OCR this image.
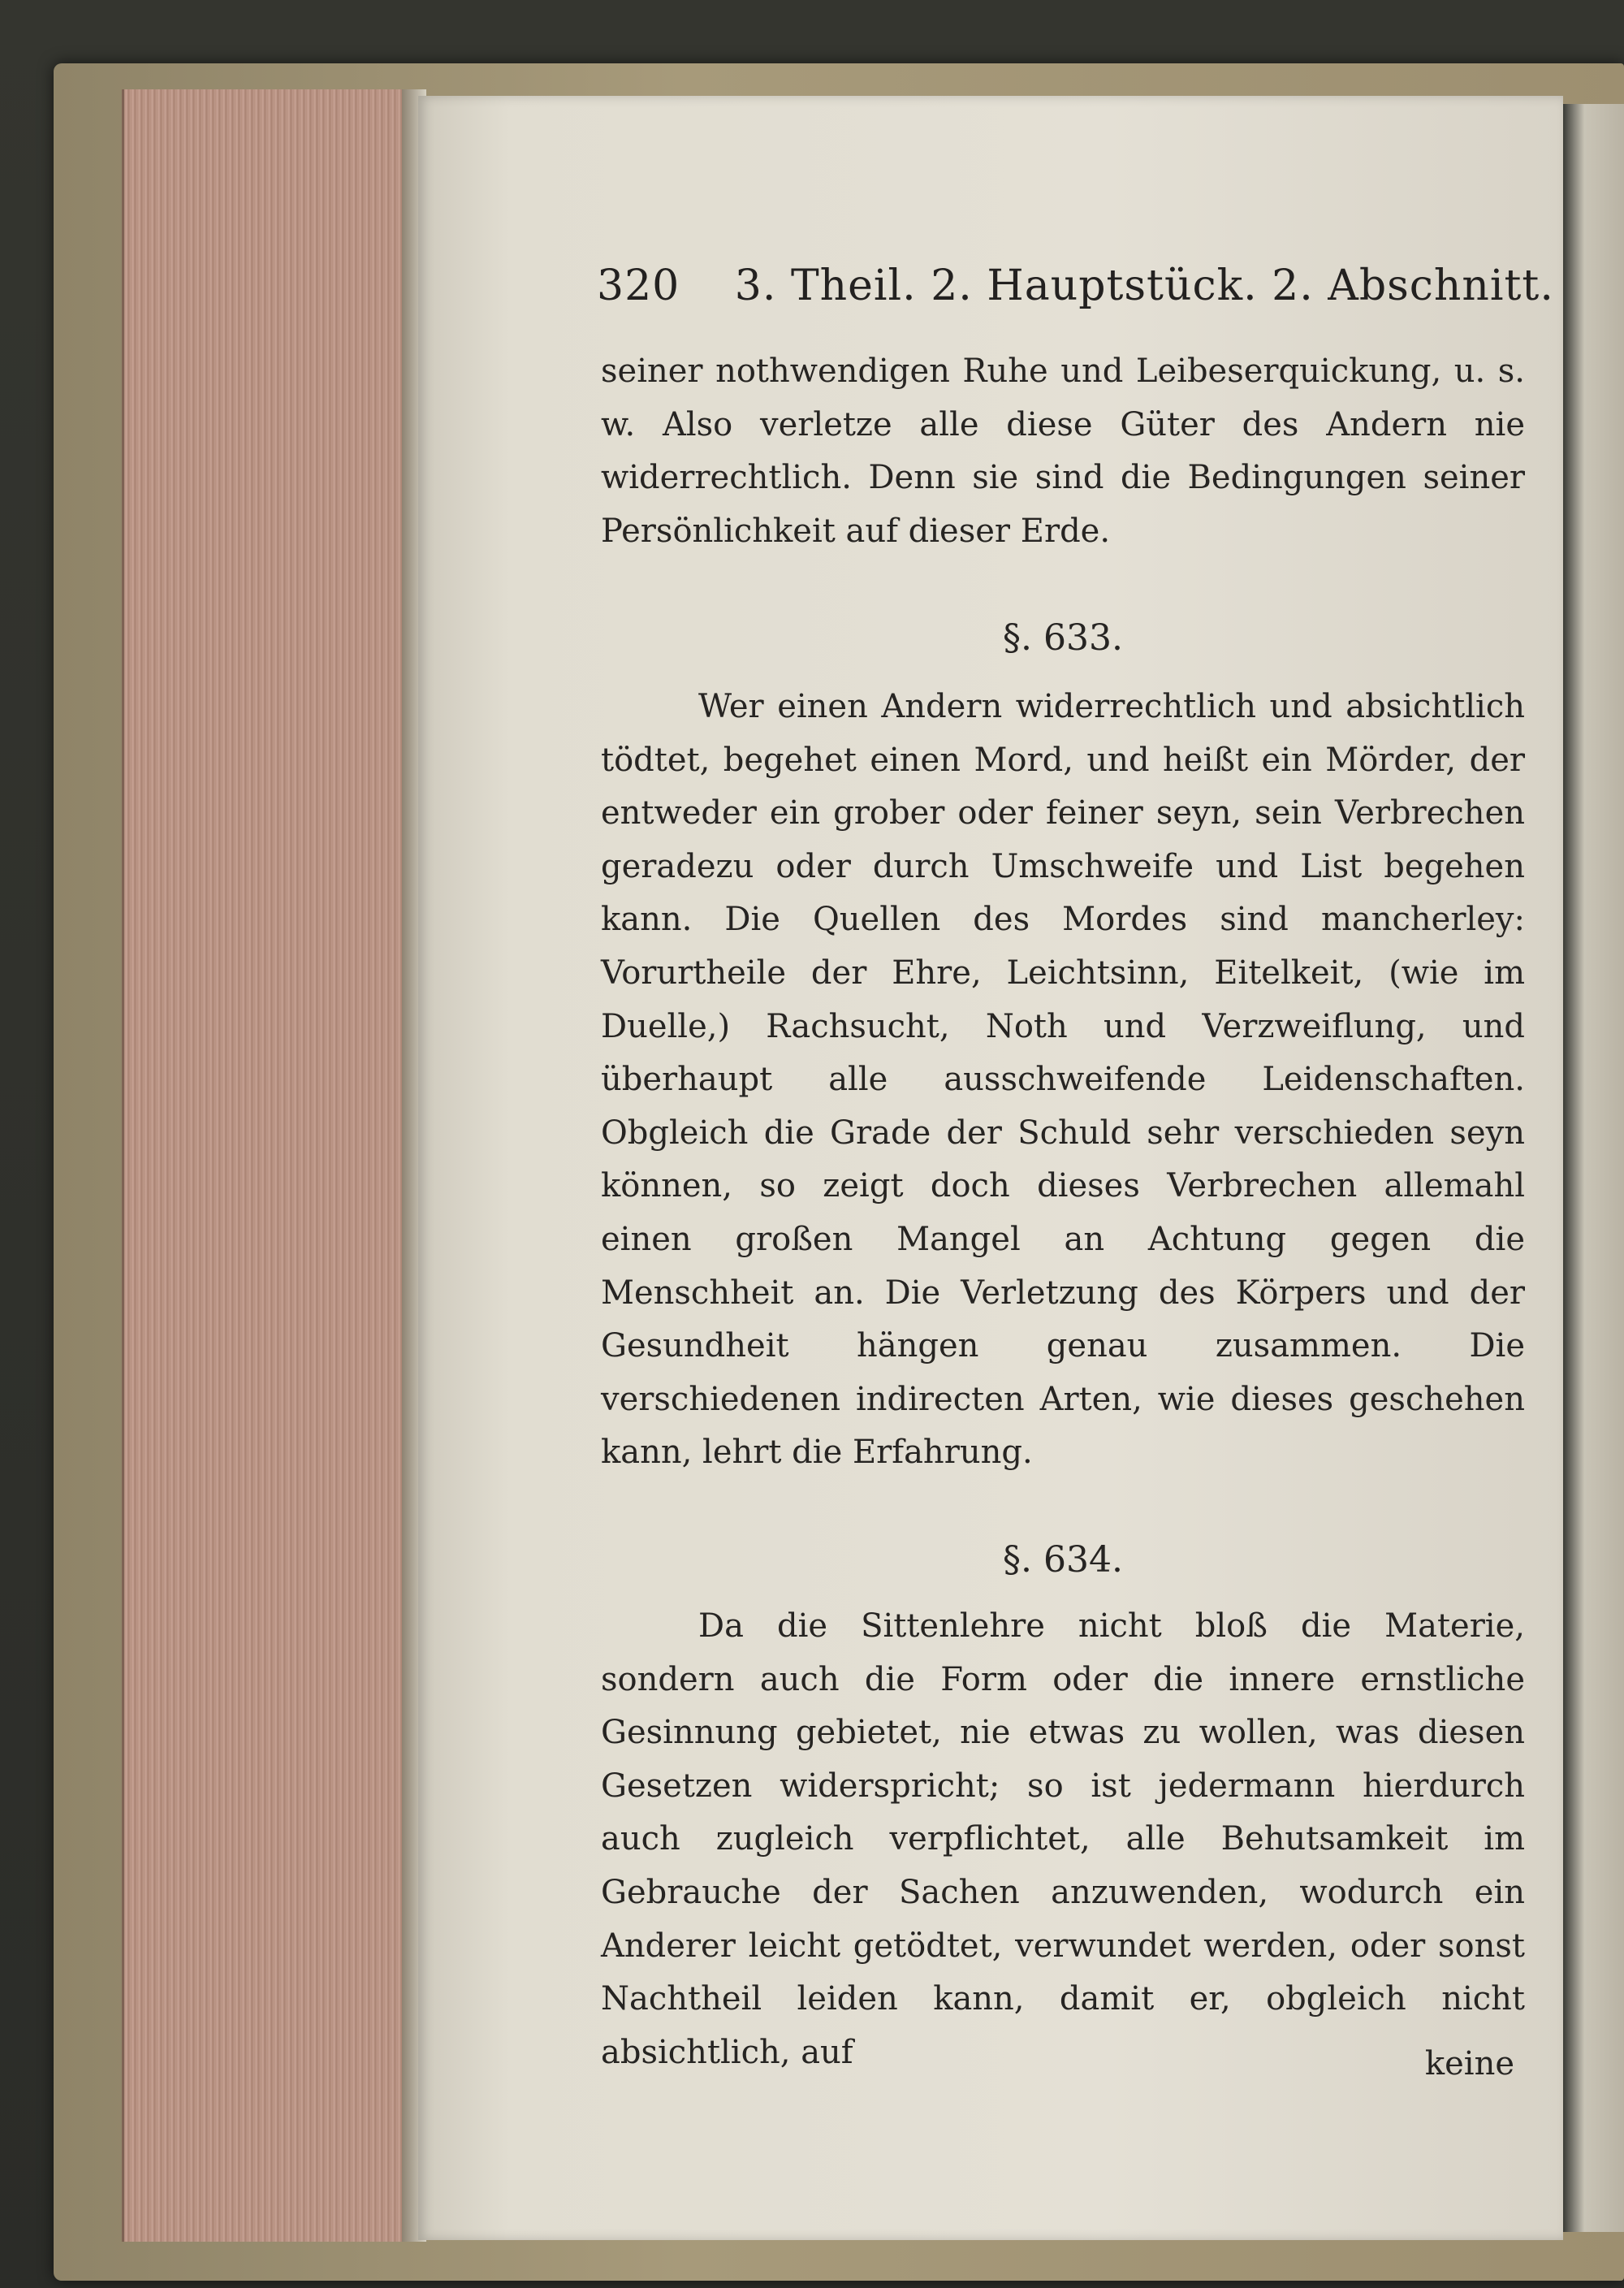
320 3. Theil. 2. Hauptstück. 2. Abschnitt.

seiner nothwendigen Ruhe und Leibeserquickung, u. s. w. Also verletze alle diese Güter des Andern nie widerrechtlich. Denn sie sind die Bedingungen seiner Persönlichkeit auf dieser Erde.

§. 633.

Wer einen Andern widerrechtlich und absichtlich tödtet, begehet einen Mord, und heißt ein Mörder, der entweder ein grober oder feiner seyn, sein Verbrechen geradezu oder durch Umschweife und List begehen kann. Die Quellen des Mordes sind mancherley: Vorurtheile der Ehre, Leichtsinn, Eitelkeit, (wie im Duelle,) Rachsucht, Noth und Verzweiflung, und überhaupt alle ausschweifende Leidenschaften. Obgleich die Grade der Schuld sehr verschieden seyn können, so zeigt doch dieses Verbrechen allemahl einen großen Mangel an Achtung gegen die Menschheit an. Die Verletzung des Körpers und der Gesundheit hängen genau zusammen. Die verschiedenen indirecten Arten, wie dieses geschehen kann, lehrt die Erfahrung.

§. 634.

Da die Sittenlehre nicht bloß die Materie, sondern auch die Form oder die innere ernstliche Gesinnung gebietet, nie etwas zu wollen, was diesen Gesetzen widerspricht; so ist jedermann hierdurch auch zugleich verpflichtet, alle Behutsamkeit im Gebrauche der Sachen anzuwenden, wodurch ein Anderer leicht getödtet, verwundet werden, oder sonst Nachtheil leiden kann, damit er, obgleich nicht absichtlich, auf	keine
